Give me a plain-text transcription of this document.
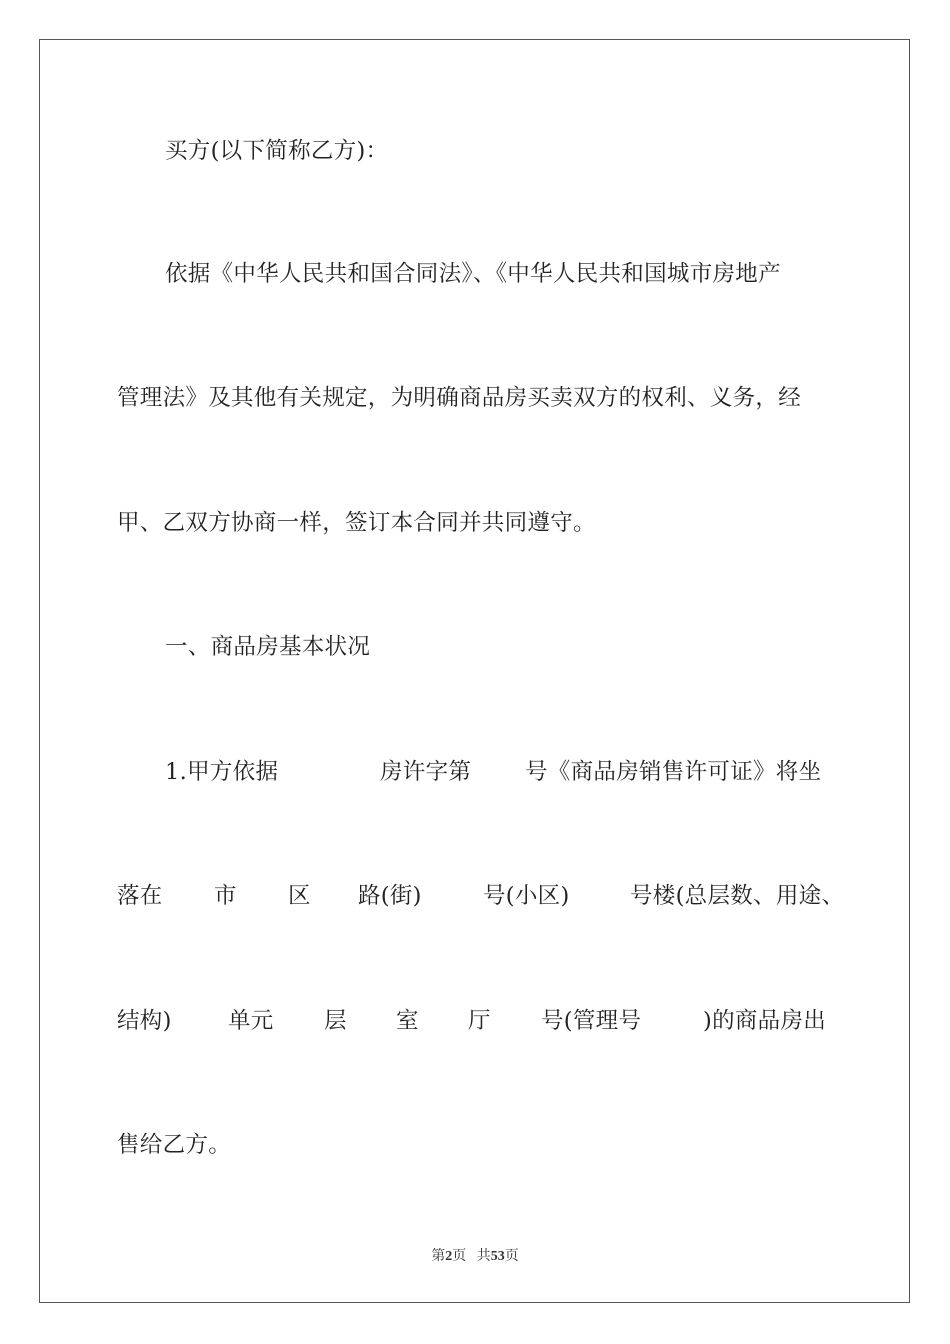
买方(以下简称乙方)：

依据《中华人民共和国合同法》、《中华人民共和国城市房地产

管理法》及其他有关规定，为明确商品房买卖双方的权利、义务，经

甲、乙双方协商一样，签订本合同并共同遵守。

一、商品房基本状况

1.甲方依据

	房许字第

号《商品房销售许可证》将坐

落在

市

区

路(街)

	号(小区)

	号楼(总层数、用途、

结构)

	单元

层

室

厅

号(管理号

	)的商品房出

售给乙方。

第2页   共53页
